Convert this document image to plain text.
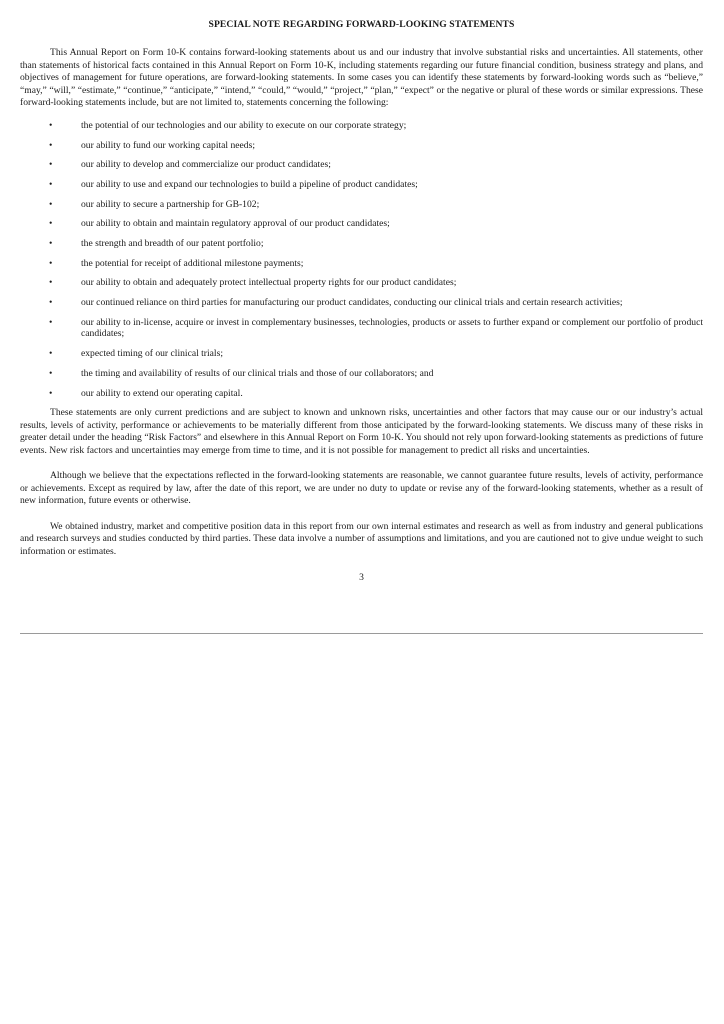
SPECIAL NOTE REGARDING FORWARD-LOOKING STATEMENTS

This Annual Report on Form 10-K contains forward-looking statements about us and our industry that involve substantial risks and uncertainties. All statements, other than statements of historical facts contained in this Annual Report on Form 10-K, including statements regarding our future financial condition, business strategy and plans, and objectives of management for future operations, are forward-looking statements. In some cases you can identify these statements by forward-looking words such as “believe,” “may,” “will,” “estimate,” “continue,” “anticipate,” “intend,” “could,” “would,” “project,” “plan,” “expect” or the negative or plural of these words or similar expressions. These forward-looking statements include, but are not limited to, statements concerning the following:

•	the potential of our technologies and our ability to execute on our corporate strategy;
•	our ability to fund our working capital needs;
•	our ability to develop and commercialize our product candidates;
•	our ability to use and expand our technologies to build a pipeline of product candidates;
•	our ability to secure a partnership for GB-102;
•	our ability to obtain and maintain regulatory approval of our product candidates;
•	the strength and breadth of our patent portfolio;
•	the potential for receipt of additional milestone payments;
•	our ability to obtain and adequately protect intellectual property rights for our product candidates;
•	our continued reliance on third parties for manufacturing our product candidates, conducting our clinical trials and certain research activities;
•	our ability to in-license, acquire or invest in complementary businesses, technologies, products or assets to further expand or complement our portfolio of product candidates;
•	expected timing of our clinical trials;
•	the timing and availability of results of our clinical trials and those of our collaborators; and
•	our ability to extend our operating capital.

These statements are only current predictions and are subject to known and unknown risks, uncertainties and other factors that may cause our or our industry’s actual results, levels of activity, performance or achievements to be materially different from those anticipated by the forward-looking statements. We discuss many of these risks in greater detail under the heading “Risk Factors” and elsewhere in this Annual Report on Form 10-K. You should not rely upon forward-looking statements as predictions of future events. New risk factors and uncertainties may emerge from time to time, and it is not possible for management to predict all risks and uncertainties.

Although we believe that the expectations reflected in the forward-looking statements are reasonable, we cannot guarantee future results, levels of activity, performance or achievements. Except as required by law, after the date of this report, we are under no duty to update or revise any of the forward-looking statements, whether as a result of new information, future events or otherwise.

We obtained industry, market and competitive position data in this report from our own internal estimates and research as well as from industry and general publications and research surveys and studies conducted by third parties. These data involve a number of assumptions and limitations, and you are cautioned not to give undue weight to such information or estimates.

3
